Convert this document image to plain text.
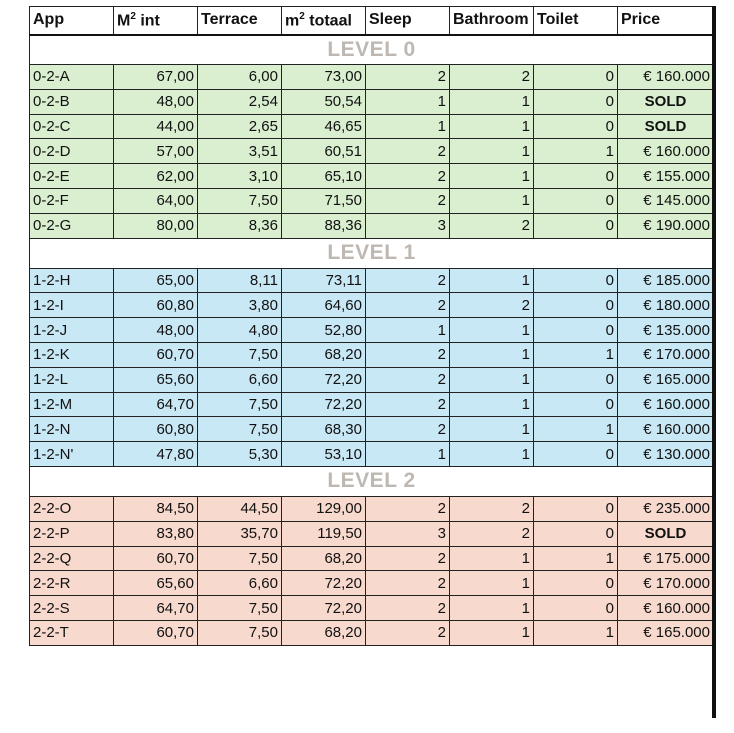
App	$M^2$ int	Terrace	$m^2$ totaal	Sleep	Bathroom	Toilet	Price
LEVEL 0							
0-2-A	67,00	6,00	73,00	2	2	0	€ 160.000
0-2-B	48,00	2,54	50,54	1	1	0	SOLD
0-2-C	44,00	2,65	46,65	1	1	0	SOLD
0-2-D	57,00	3,51	60,51	2	1	1	€ 160.000
0-2-E	62,00	3,10	65,10	2	1	0	€ 155.000
0-2-F	64,00	7,50	71,50	2	1	0	€ 145.000
0-2-G	80,00	8,36	88,36	3	2	0	€ 190.000
LEVEL 1							
1-2-H	65,00	8,11	73,11	2	1	0	€ 185.000
1-2-I	60,80	3,80	64,60	2	2	0	€ 180.000
1-2-J	48,00	4,80	52,80	1	1	0	€ 135.000
1-2-K	60,70	7,50	68,20	2	1	1	€ 170.000
1-2-L	65,60	6,60	72,20	2	1	0	€ 165.000
1-2-M	64,70	7,50	72,20	2	1	0	€ 160.000
1-2-N	60,80	7,50	68,30	2	1	1	€ 160.000
1-2-N'	47,80	5,30	53,10	1	1	0	€ 130.000
LEVEL 2							
2-2-O	84,50	44,50	129,00	2	2	0	€ 235.000
2-2-P	83,80	35,70	119,50	3	2	0	SOLD
2-2-Q	60,70	7,50	68,20	2	1	1	€ 175.000
2-2-R	65,60	6,60	72,20	2	1	0	€ 170.000
2-2-S	64,70	7,50	72,20	2	1	0	€ 160.000
2-2-T	60,70	7,50	68,20	2	1	1	€ 165.000
